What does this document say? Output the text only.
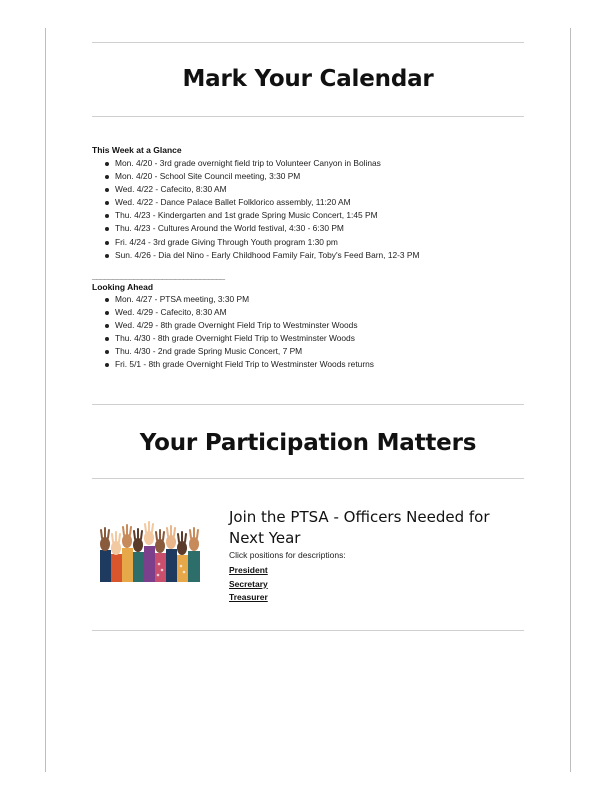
Mark Your Calendar
This Week at a Glance
Mon. 4/20 - 3rd grade overnight field trip to Volunteer Canyon in Bolinas
Mon. 4/20 - School Site Council meeting, 3:30 PM
Wed. 4/22 - Cafecito, 8:30 AM
Wed. 4/22 - Dance Palace Ballet Folklorico assembly, 11:20 AM
Thu. 4/23 - Kindergarten and 1st grade Spring Music Concert, 1:45 PM
Thu. 4/23 - Cultures Around the World festival, 4:30 - 6:30 PM
Fri. 4/24 - 3rd grade Giving Through Youth program 1:30 pm
Sun. 4/26 - Dia del Nino - Early Childhood Family Fair, Toby's Feed Barn, 12-3 PM
________________________________
Looking Ahead
Mon. 4/27 - PTSA meeting, 3:30 PM
Wed. 4/29 - Cafecito, 8:30 AM
Wed. 4/29 - 8th grade Overnight Field Trip to Westminster Woods
Thu. 4/30 - 8th grade Overnight Field Trip to Westminster Woods
Thu. 4/30 - 2nd grade Spring Music Concert, 7 PM
Fri. 5/1 - 8th grade Overnight Field Trip to Westminster Woods returns
Your Participation Matters
Join the PTSA - Officers Needed for Next Year
Click positions for descriptions:
President
Secretary
Treasurer
